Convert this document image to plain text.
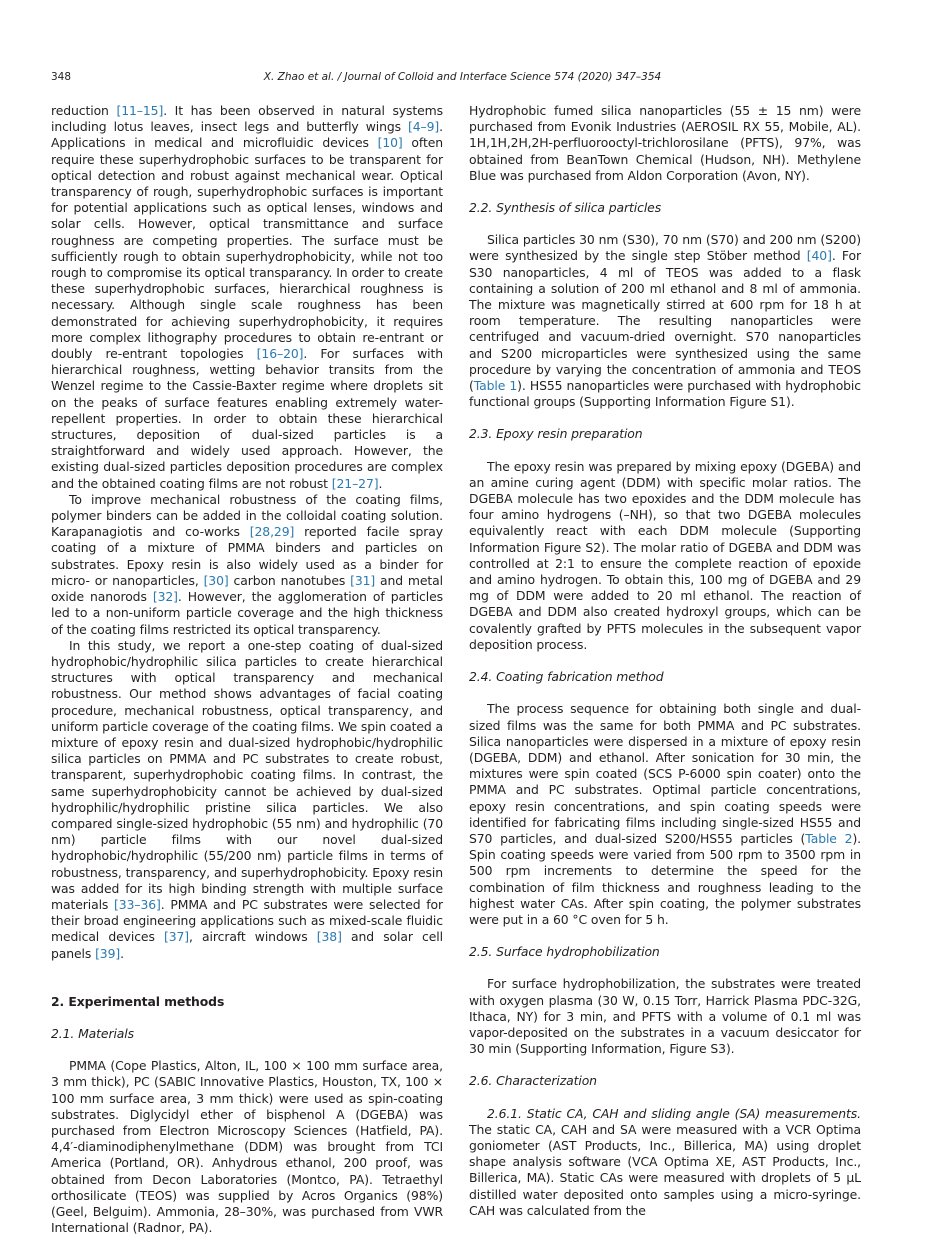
348	X. Zhao et al. / Journal of Colloid and Interface Science 574 (2020) 347–354

reduction [11–15]. It has been observed in natural systems including lotus leaves, insect legs and butterfly wings [4–9]. Applications in medical and microfluidic devices [10] often require these superhydrophobic surfaces to be transparent for optical detection and robust against mechanical wear. Optical transparency of rough, superhydrophobic surfaces is important for potential applications such as optical lenses, windows and solar cells. However, optical transmittance and surface roughness are competing properties. The surface must be sufficiently rough to obtain superhydrophobicity, while not too rough to compromise its optical transparancy. In order to create these superhydrophobic surfaces, hierarchical roughness is necessary. Although single scale roughness has been demonstrated for achieving superhydrophobicity, it requires more complex lithography procedures to obtain re-entrant or doubly re-entrant topologies [16–20]. For surfaces with hierarchical roughness, wetting behavior transits from the Wenzel regime to the Cassie-Baxter regime where droplets sit on the peaks of surface features enabling extremely water-repellent properties. In order to obtain these hierarchical structures, deposition of dual-sized particles is a straightforward and widely used approach. However, the existing dual-sized particles deposition procedures are complex and the obtained coating films are not robust [21–27].

To improve mechanical robustness of the coating films, polymer binders can be added in the colloidal coating solution. Karapanagiotis and co-works [28,29] reported facile spray coating of a mixture of PMMA binders and particles on substrates. Epoxy resin is also widely used as a binder for micro- or nanoparticles, [30] carbon nanotubes [31] and metal oxide nanorods [32]. However, the agglomeration of particles led to a non-uniform particle coverage and the high thickness of the coating films restricted its optical transparency.

In this study, we report a one-step coating of dual-sized hydrophobic/hydrophilic silica particles to create hierarchical structures with optical transparency and mechanical robustness. Our method shows advantages of facial coating procedure, mechanical robustness, optical transparency, and uniform particle coverage of the coating films. We spin coated a mixture of epoxy resin and dual-sized hydrophobic/hydrophilic silica particles on PMMA and PC substrates to create robust, transparent, superhydrophobic coating films. In contrast, the same superhydrophobicity cannot be achieved by dual-sized hydrophilic/hydrophilic pristine silica particles. We also compared single-sized hydrophobic (55 nm) and hydrophilic (70 nm) particle films with our novel dual-sized hydrophobic/hydrophilic (55/200 nm) particle films in terms of robustness, transparency, and superhydrophobicity. Epoxy resin was added for its high binding strength with multiple surface materials [33–36]. PMMA and PC substrates were selected for their broad engineering applications such as mixed-scale fluidic medical devices [37], aircraft windows [38] and solar cell panels [39].

2. Experimental methods
2.1. Materials

PMMA (Cope Plastics, Alton, IL, 100 × 100 mm surface area, 3 mm thick), PC (SABIC Innovative Plastics, Houston, TX, 100 × 100 mm surface area, 3 mm thick) were used as spin-coating substrates. Diglycidyl ether of bisphenol A (DGEBA) was purchased from Electron Microscopy Sciences (Hatfield, PA). 4,4′-diaminodiphenylmethane (DDM) was brought from TCI America (Portland, OR). Anhydrous ethanol, 200 proof, was obtained from Decon Laboratories (Montco, PA). Tetraethyl orthosilicate (TEOS) was supplied by Acros Organics (98%) (Geel, Belguim). Ammonia, 28–30%, was purchased from VWR International (Radnor, PA).

Hydrophobic fumed silica nanoparticles (55 ± 15 nm) were purchased from Evonik Industries (AEROSIL RX 55, Mobile, AL). 1H,1H,2H,2H-perfluorooctyl-trichlorosilane (PFTS), 97%, was obtained from BeanTown Chemical (Hudson, NH). Methylene Blue was purchased from Aldon Corporation (Avon, NY).

2.2. Synthesis of silica particles

Silica particles 30 nm (S30), 70 nm (S70) and 200 nm (S200) were synthesized by the single step Stöber method [40]. For S30 nanoparticles, 4 ml of TEOS was added to a flask containing a solution of 200 ml ethanol and 8 ml of ammonia. The mixture was magnetically stirred at 600 rpm for 18 h at room temperature. The resulting nanoparticles were centrifuged and vacuum-dried overnight. S70 nanoparticles and S200 microparticles were synthesized using the same procedure by varying the concentration of ammonia and TEOS (Table 1). HS55 nanoparticles were purchased with hydrophobic functional groups (Supporting Information Figure S1).

2.3. Epoxy resin preparation

The epoxy resin was prepared by mixing epoxy (DGEBA) and an amine curing agent (DDM) with specific molar ratios. The DGEBA molecule has two epoxides and the DDM molecule has four amino hydrogens (–NH), so that two DGEBA molecules equivalently react with each DDM molecule (Supporting Information Figure S2). The molar ratio of DGEBA and DDM was controlled at 2:1 to ensure the complete reaction of epoxide and amino hydrogen. To obtain this, 100 mg of DGEBA and 29 mg of DDM were added to 20 ml ethanol. The reaction of DGEBA and DDM also created hydroxyl groups, which can be covalently grafted by PFTS molecules in the subsequent vapor deposition process.

2.4. Coating fabrication method

The process sequence for obtaining both single and dual-sized films was the same for both PMMA and PC substrates. Silica nanoparticles were dispersed in a mixture of epoxy resin (DGEBA, DDM) and ethanol. After sonication for 30 min, the mixtures were spin coated (SCS P-6000 spin coater) onto the PMMA and PC substrates. Optimal particle concentrations, epoxy resin concentrations, and spin coating speeds were identified for fabricating films including single-sized HS55 and S70 particles, and dual-sized S200/HS55 particles (Table 2). Spin coating speeds were varied from 500 rpm to 3500 rpm in 500 rpm increments to determine the speed for the combination of film thickness and roughness leading to the highest water CAs. After spin coating, the polymer substrates were put in a 60 °C oven for 5 h.

2.5. Surface hydrophobilization

For surface hydrophobilization, the substrates were treated with oxygen plasma (30 W, 0.15 Torr, Harrick Plasma PDC-32G, Ithaca, NY) for 3 min, and PFTS with a volume of 0.1 ml was vapor-deposited on the substrates in a vacuum desiccator for 30 min (Supporting Information, Figure S3).

2.6. Characterization

2.6.1. Static CA, CAH and sliding angle (SA) measurements. The static CA, CAH and SA were measured with a VCR Optima goniometer (AST Products, Inc., Billerica, MA) using droplet shape analysis software (VCA Optima XE, AST Products, Inc., Billerica, MA). Static CAs were measured with droplets of 5 μL distilled water deposited onto samples using a micro-syringe. CAH was calculated from the
